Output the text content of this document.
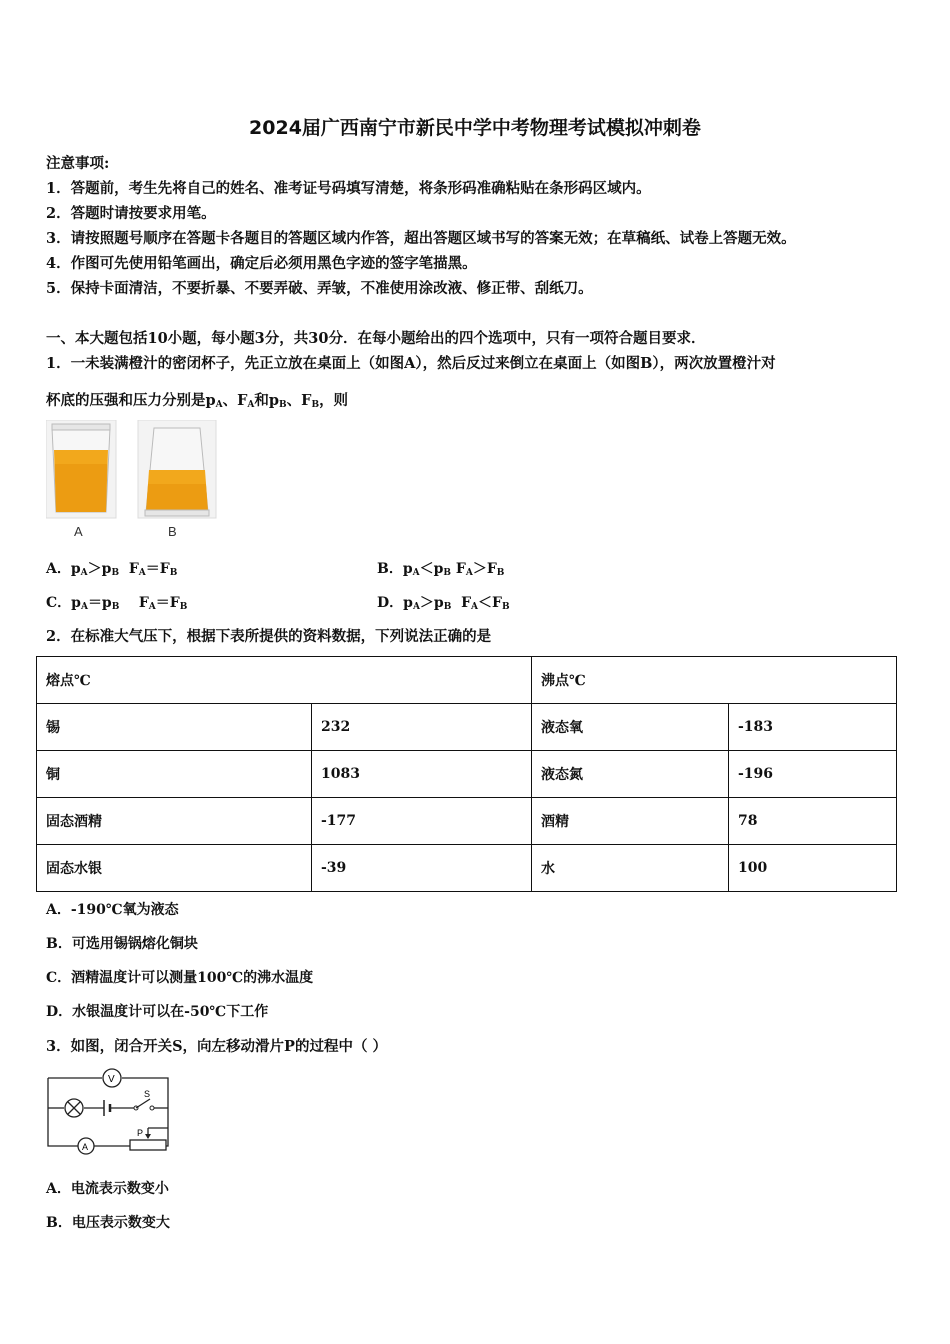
2024届广西南宁市新民中学中考物理考试模拟冲刺卷
注意事项:
1．答题前，考生先将自己的姓名、准考证号码填写清楚，将条形码准确粘贴在条形码区域内。
2．答题时请按要求用笔。
3．请按照题号顺序在答题卡各题目的答题区域内作答，超出答题区域书写的答案无效；在草稿纸、试卷上答题无效。
4．作图可先使用铅笔画出，确定后必须用黑色字迹的签字笔描黑。
5．保持卡面清洁，不要折暴、不要弄破、弄皱，不准使用涂改液、修正带、刮纸刀。
一、本大题包括10小题，每小题3分，共30分．在每小题给出的四个选项中，只有一项符合题目要求．
1．一未装满橙汁的密闭杯子，先正立放在桌面上（如图A），然后反过来倒立在桌面上（如图B），两次放置橙汁对
杯底的压强和压力分别是$p_A$、$F_A$和$p_B$、$F_B$，则
A	B
A．$p_A>p_B$ $F_A=F_B$	B．$p_A<p_B$ $F_A>F_B$
C．$p_A=p_B$ $F_A=F_B$	D．$p_A>p_B$ $F_A<F_B$
2．在标准大气压下，根据下表所提供的资料数据，下列说法正确的是
熔点℃		沸点℃	
锡	232	液态氧	-183
铜	1083	液态氮	-196
固态酒精	-177	酒精	78
固态水银	-39	水	100
A．-190℃氧为液态
B．可选用锡锅熔化铜块
C．酒精温度计可以测量100℃的沸水温度
D．水银温度计可以在-50℃下工作
3．如图，闭合开关S，向左移动滑片P的过程中（ ）
V
S
A
P
A．电流表示数变小
B．电压表示数变大
